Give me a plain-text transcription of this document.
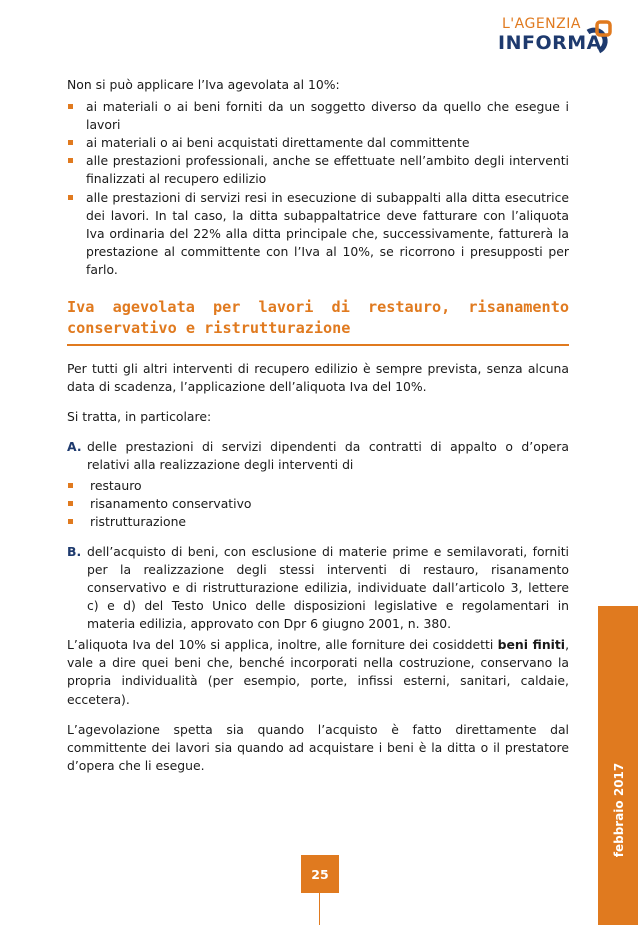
L'AGENZIA
INFORMA

Non si può applicare l’Iva agevolata al 10%:

ai materiali o ai beni forniti da un soggetto diverso da quello che esegue i lavori
ai materiali o ai beni acquistati direttamente dal committente
alle prestazioni professionali, anche se effettuate nell’ambito degli interventi finalizzati al recupero edilizio
alle prestazioni di servizi resi in esecuzione di subappalti alla ditta esecutrice dei lavori. In tal caso, la ditta subappaltatrice deve fatturare con l’aliquota Iva ordinaria del 22% alla ditta principale che, successivamente, fatturerà la prestazione al committente con l’Iva al 10%, se ricorrono i presupposti per farlo.
Iva agevolata per lavori di restauro, risanamento conservativo e ristrutturazione

Per tutti gli altri interventi di recupero edilizio è sempre prevista, senza alcuna data di scadenza, l’applicazione dell’aliquota Iva del 10%.

Si tratta, in particolare:

A. delle prestazioni di servizi dipendenti da contratti di appalto o d’opera relativi alla realizzazione degli interventi di
restauro
risanamento conservativo
ristrutturazione
B. dell’acquisto di beni, con esclusione di materie prime e semilavorati, forniti per la realizzazione degli stessi interventi di restauro, risanamento conservativo e di ristrutturazione edilizia, individuate dall’articolo 3, lettere c) e d) del Testo Unico delle disposizioni legislative e regolamentari in materia edilizia, approvato con Dpr 6 giugno 2001, n. 380.

L’aliquota Iva del 10% si applica, inoltre, alle forniture dei cosiddetti beni finiti, vale a dire quei beni che, benché incorporati nella costruzione, conservano la propria individualità (per esempio, porte, infissi esterni, sanitari, caldaie, eccetera).

L’agevolazione spetta sia quando l’acquisto è fatto direttamente dal committente dei lavori sia quando ad acquistare i beni è la ditta o il prestatore d’opera che li esegue.	febbraio 2017
25
